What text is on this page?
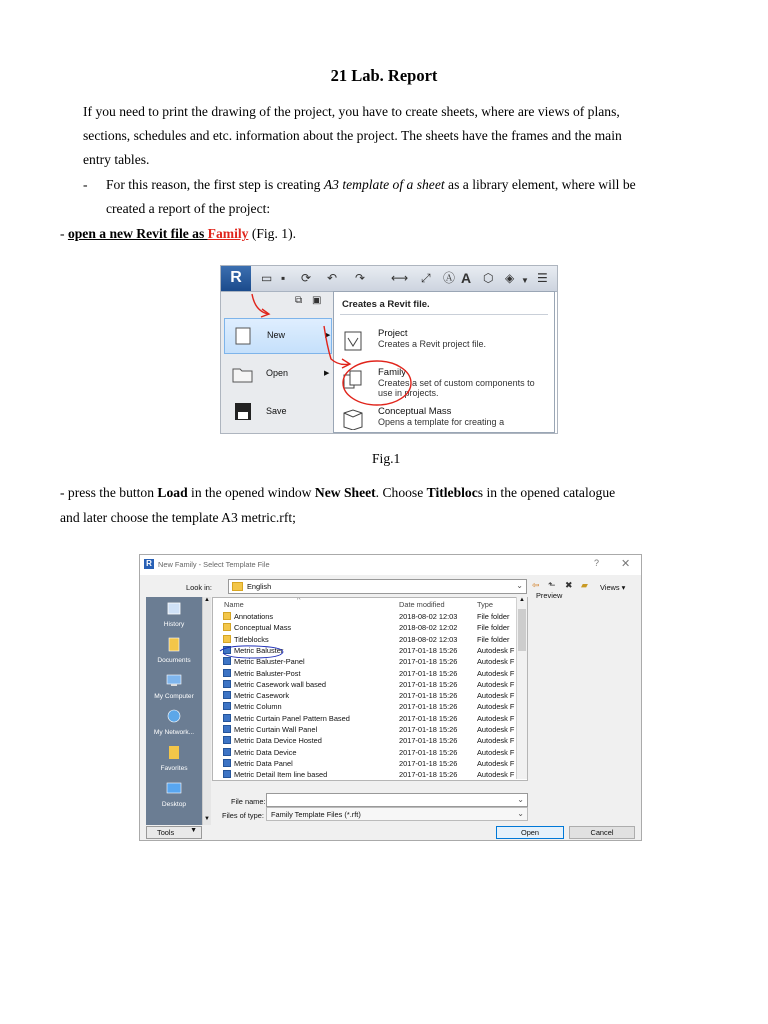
21 Lab. Report
If you need to print the drawing of the project, you have to create sheets, where are views of plans,
sections, schedules and etc. information about the project. The sheets have the frames and the main
entry tables.
- For this reason, the first step is creating A3 template of a sheet as a library element, where will be
created a report of the project:
- open a new Revit file as Family (Fig. 1).
R	▭ ▪ ⟳ ↶ ↷ ⟷ ⤢ Ⓐ A ⬡ ◈ ▼ ☰
⧉ ▣
New	▶
Open	▶
Save
Creates a Revit file.
Project
Creates a Revit project file.
Family
Creates a set of custom components to use in projects.
Conceptual Mass
Opens a template for creating a
Fig.1
- press the button Load in the opened window New Sheet. Choose Titleblocs in the opened catalogue
and later choose the template A3 metric.rft;
R New Family - Select Template File	? ✕
Look in:	English	⌄ ⇦ ⬑ ✖ ▰ Views ▾
Preview
History
Documents
My Computer
My Network...
Favorites
Desktop
▲
▼
Name
^
Date modified	Type
Annotations	2018-08-02 12:03	File folder
Conceptual Mass	2018-08-02 12:02	File folder
Titleblocks	2018-08-02 12:03	File folder
Metric Baluster	2017-01-18 15:26	Autodesk F
Metric Baluster-Panel	2017-01-18 15:26	Autodesk F
Metric Baluster-Post	2017-01-18 15:26	Autodesk F
Metric Casework wall based	2017-01-18 15:26	Autodesk F
Metric Casework	2017-01-18 15:26	Autodesk F
Metric Column	2017-01-18 15:26	Autodesk F
Metric Curtain Panel Pattern Based	2017-01-18 15:26	Autodesk F
Metric Curtain Wall Panel	2017-01-18 15:26	Autodesk F
Metric Data Device Hosted	2017-01-18 15:26	Autodesk F
Metric Data Device	2017-01-18 15:26	Autodesk F
Metric Data Panel	2017-01-18 15:26	Autodesk F
Metric Detail Item line based	2017-01-18 15:26	Autodesk F
▲
File name:	⌄
Files of type: Family Template Files (*.rft)	⌄
Tools ▼	Open	Cancel
